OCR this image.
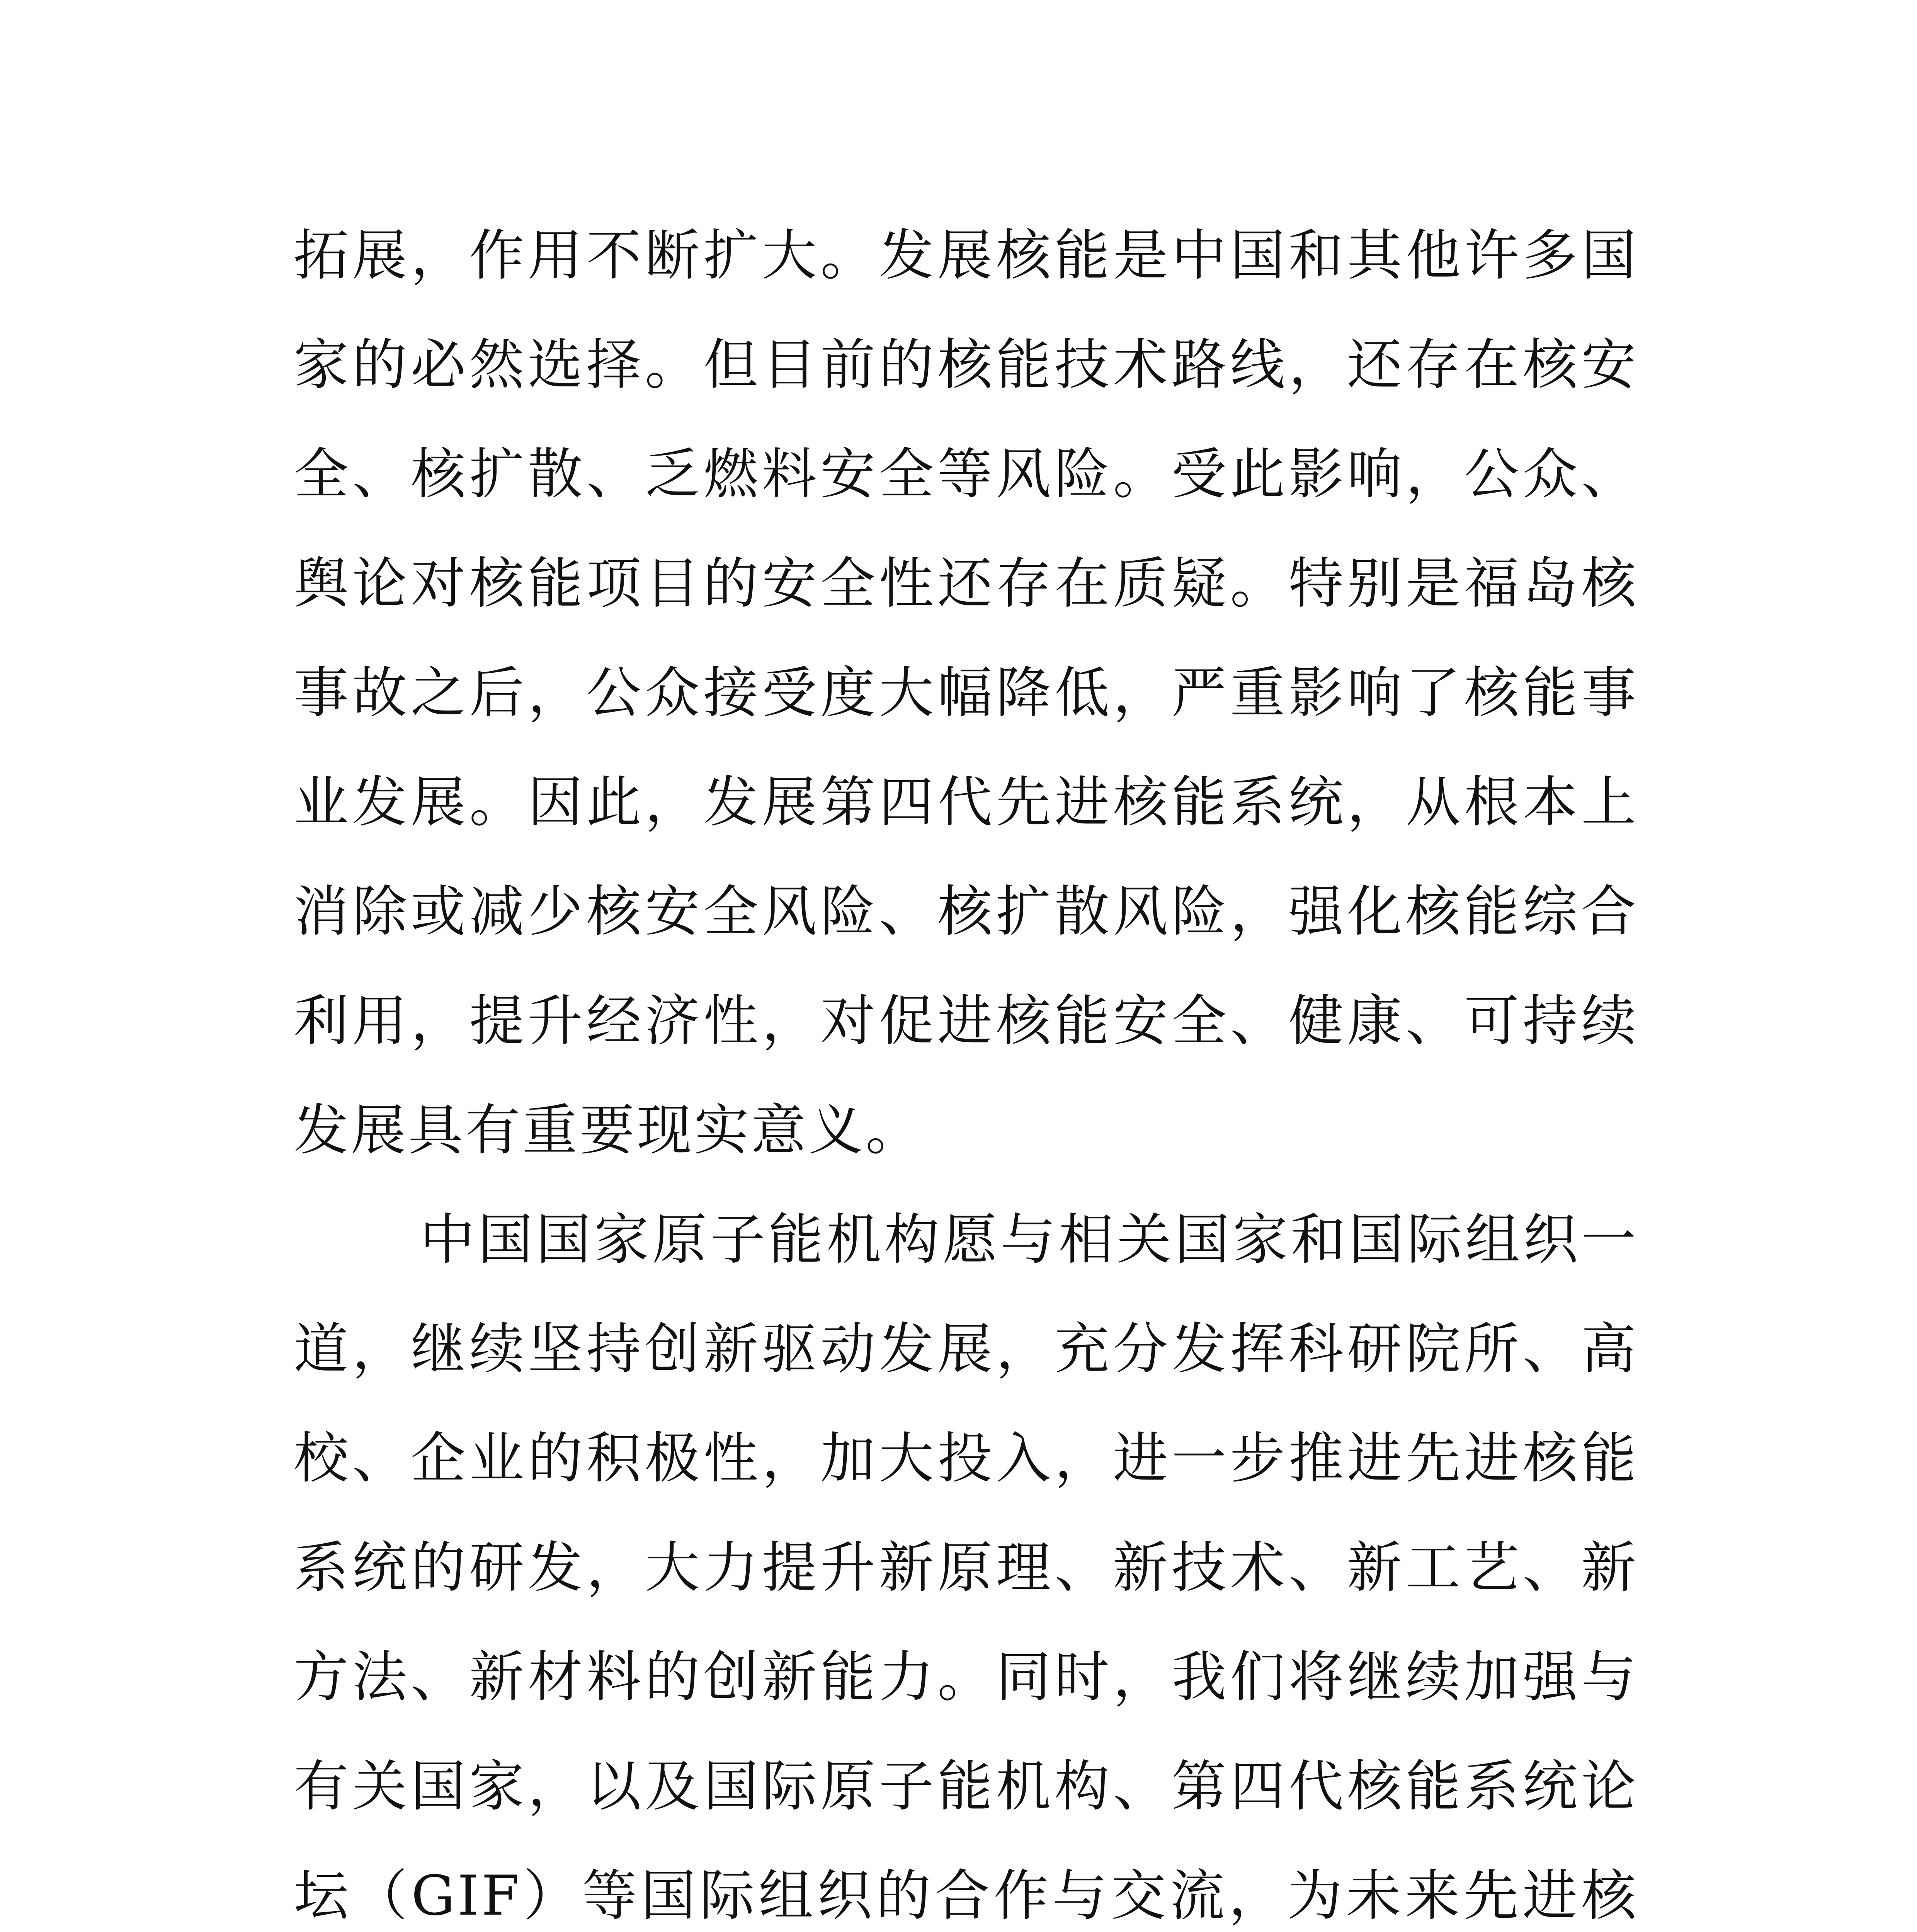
拓展，作用不断扩大。发展核能是中国和其他许多国家的必然选择。但目前的核能技术路线，还存在核安全、核扩散、乏燃料安全等风险。受此影响，公众、舆论对核能项目的安全性还存在质疑。特别是福岛核事故之后，公众接受度大幅降低，严重影响了核能事业发展。因此，发展第四代先进核能系统，从根本上消除或减少核安全风险、核扩散风险，强化核能综合利用，提升经济性，对促进核能安全、健康、可持续发展具有重要现实意义。

中国国家原子能机构愿与相关国家和国际组织一道，继续坚持创新驱动发展，充分发挥科研院所、高校、企业的积极性，加大投入，进一步推进先进核能系统的研发，大力提升新原理、新技术、新工艺、新方法、新材料的创新能力。同时，我们将继续加强与有关国家，以及国际原子能机构、第四代核能系统论坛（GIF）等国际组织的合作与交流，为未来先进核
